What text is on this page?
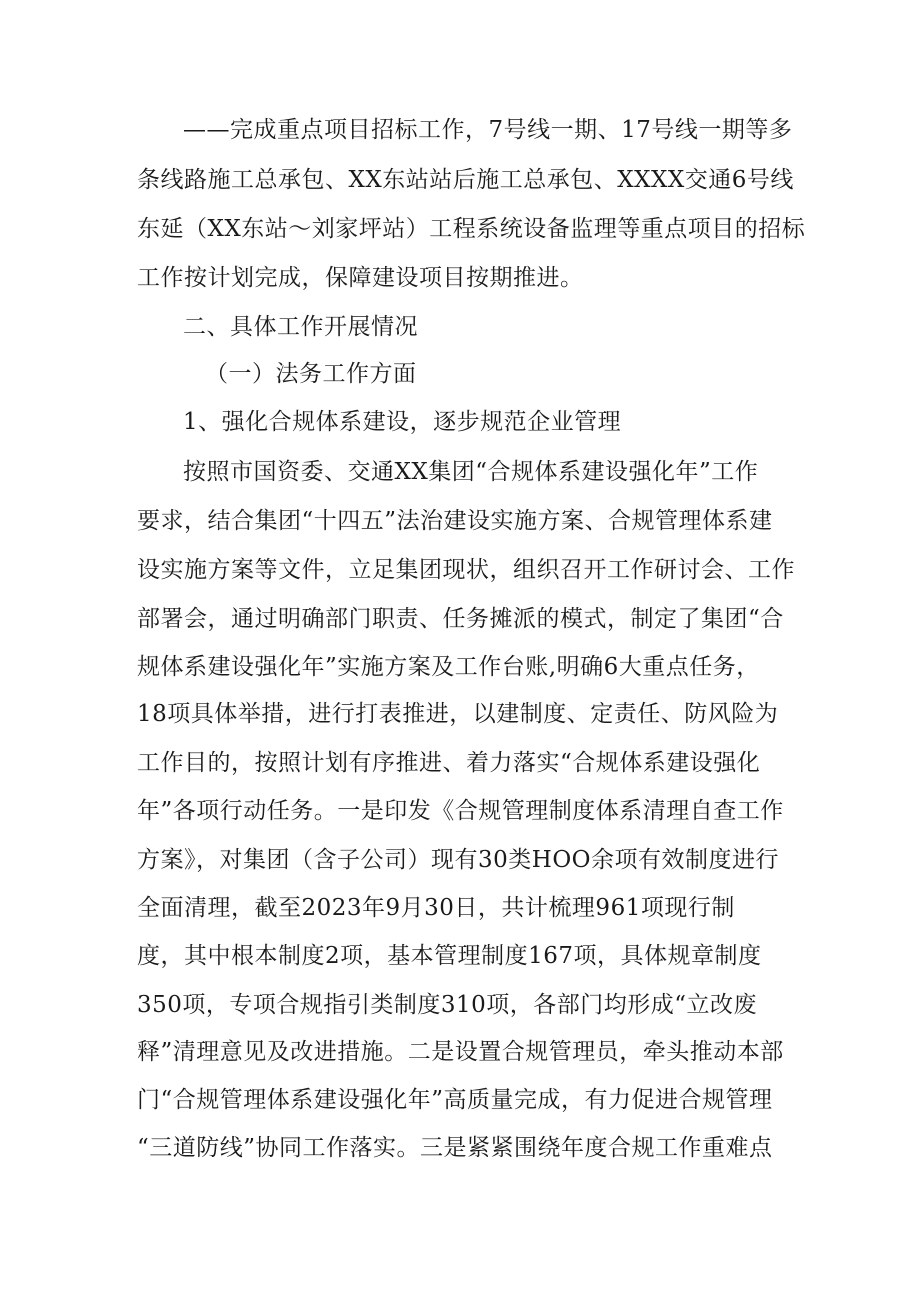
——完成重点项目招标工作，7号线一期、17号线一期等多
条线路施工总承包、XX东站站后施工总承包、XXXX交通6号线
东延（XX东站～刘家坪站）工程系统设备监理等重点项目的招标
工作按计划完成，保障建设项目按期推进。
二、具体工作开展情况
（一）法务工作方面
1、强化合规体系建设，逐步规范企业管理
按照市国资委、交通XX集团“合规体系建设强化年”工作
要求，结合集团“十四五”法治建设实施方案、合规管理体系建
设实施方案等文件，立足集团现状，组织召开工作研讨会、工作
部署会，通过明确部门职责、任务摊派的模式，制定了集团“合
规体系建设强化年”实施方案及工作台账,明确6大重点任务，
18项具体举措，进行打表推进，以建制度、定责任、防风险为
工作目的，按照计划有序推进、着力落实“合规体系建设强化
年”各项行动任务。一是印发《合规管理制度体系清理自查工作
方案》，对集团（含子公司）现有30类HOO余项有效制度进行
全面清理，截至2023年9月30日，共计梳理961项现行制
度，其中根本制度2项，基本管理制度167项，具体规章制度
350项，专项合规指引类制度310项，各部门均形成“立改废
释”清理意见及改进措施。二是设置合规管理员，牵头推动本部
门“合规管理体系建设强化年”高质量完成，有力促进合规管理
“三道防线”协同工作落实。三是紧紧围绕年度合规工作重难点
